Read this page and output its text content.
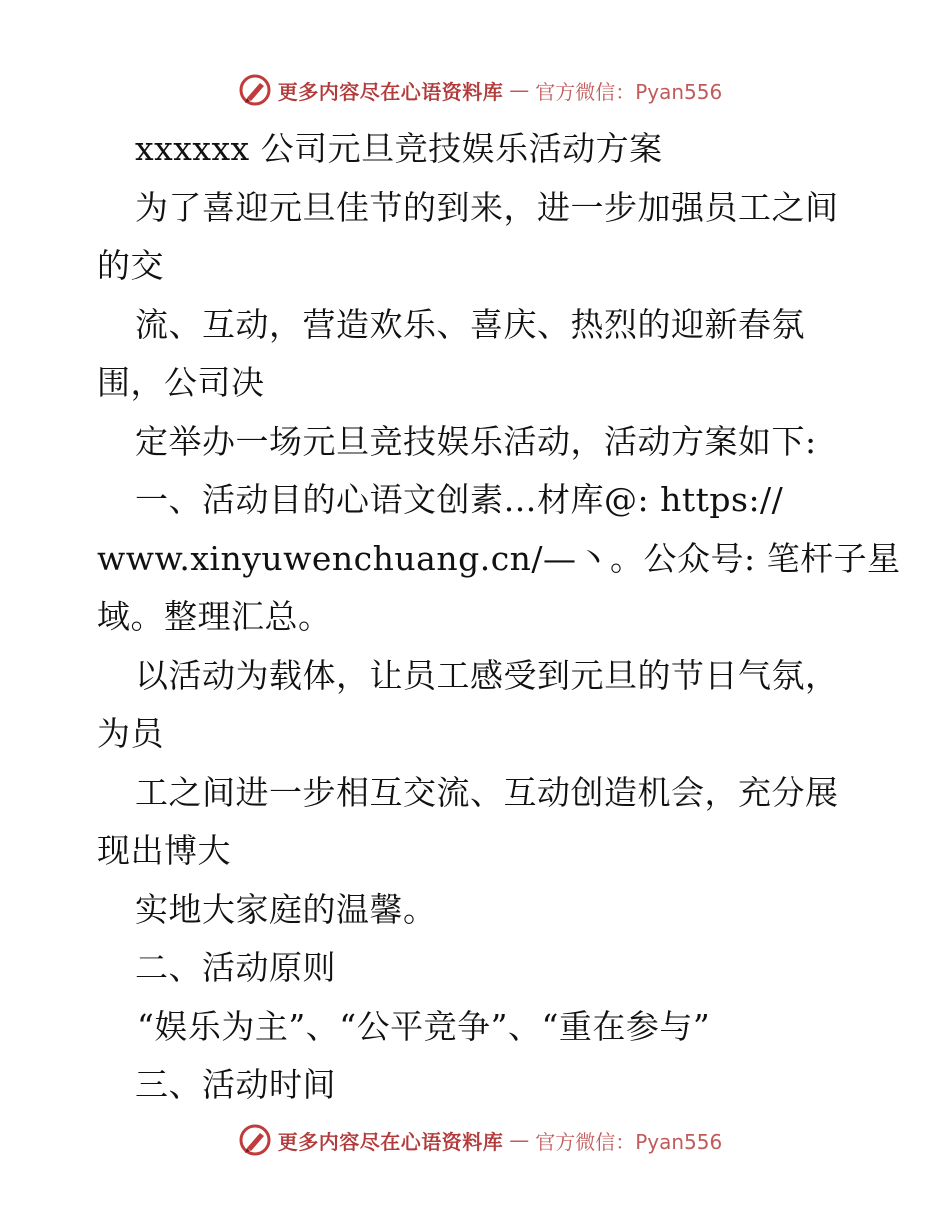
更多内容尽在心语资料库 — 官方微信：Pyan556
xxxxxx 公司元旦竞技娱乐活动方案
为了喜迎元旦佳节的到来，进一步加强员工之间
的交
流、互动，营造欢乐、喜庆、热烈的迎新春氛
围，公司决
定举办一场元旦竞技娱乐活动，活动方案如下:
一、活动目的心语文创素…材库@: https://
www.xinyuwenchuang.cn/—丶。公众号: 笔杆子星
域。整理汇总。
以活动为载体，让员工感受到元旦的节日气氛，
为员
工之间进一步相互交流、互动创造机会，充分展
现出博大
实地大家庭的温馨。
二、活动原则
“娱乐为主”、“公平竞争”、“重在参与”
三、活动时间
更多内容尽在心语资料库 — 官方微信：Pyan556
